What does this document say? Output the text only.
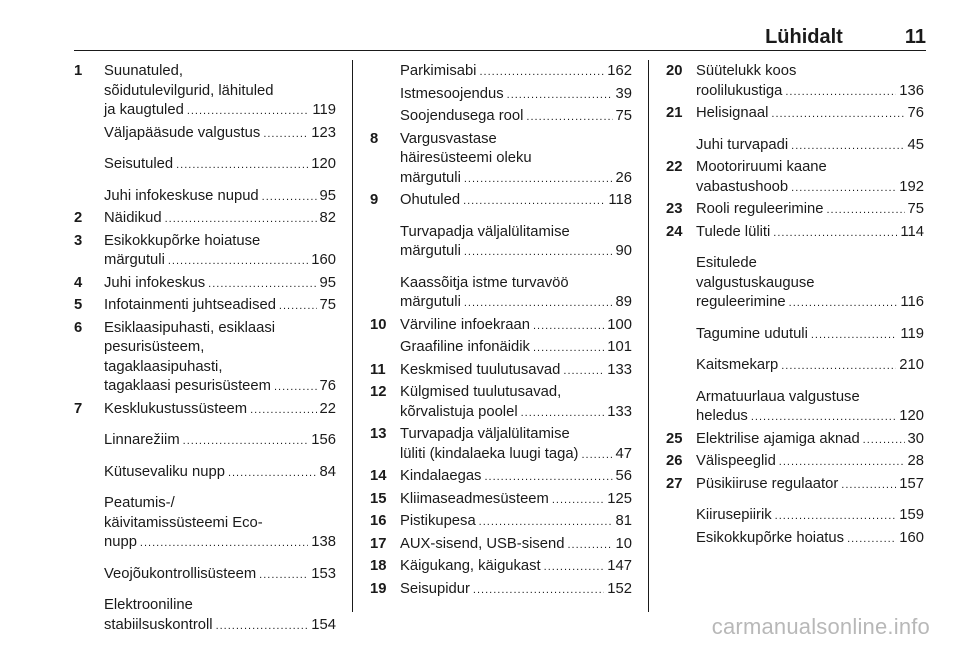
Lühidalt	11
1 Suunatuled,
sõidutulevilgurid, lähituled
ja kaugtuled .....	119
Väljapääsude valgustus .....	123
Seisutuled .....	120
Juhi infokeskuse nupud .....	95
2 Näidikud .....	82
3 Esikokkupõrke hoiatuse
märgutuli .....	160
4 Juhi infokeskus .....	95
5 Infotainmenti juhtseadised .....	75
6 Esiklaasipuhasti, esiklaasi
pesurisüsteem,
tagaklaasipuhasti,
tagaklaasi pesurisüsteem .....	76
7 Kesklukustussüsteem .....	22
Linnarežiim .....	156
Kütusevaliku nupp .....	84
Peatumis-/
käivitamissüsteemi Eco-
nupp .....	138
Veojõukontrollisüsteem .....	153
Elektrooniline
stabiilsuskontroll .....	154
Parkimisabi .....	162
Istmesoojendus .....	39
Soojendusega rool .....	75
8 Vargusvastase
häiresüsteemi oleku
märgutuli .....	26
9 Ohutuled .....	118
Turvapadja väljalülitamise
märgutuli .....	90
Kaassõitja istme turvavöö
märgutuli .....	89
10 Värviline infoekraan .....	100
Graafiline infonäidik .....	101
11 Keskmised tuulutusavad .....	133
12 Külgmised tuulutusavad,
kõrvalistuja poolel .....	133
13 Turvapadja väljalülitamise
lüliti (kindalaeka luugi taga) .....	47
14 Kindalaegas .....	56
15 Kliimaseadmesüsteem .....	125
16 Pistikupesa .....	81
17 AUX-sisend, USB-sisend .....	10
18 Käigukang, käigukast .....	147
19 Seisupidur .....	152
20 Süütelukk koos
roolilukustiga .....	136
21 Helisignaal .....	76
Juhi turvapadi .....	45
22 Mootoriruumi kaane
vabastushoob .....	192
23 Rooli reguleerimine .....	75
24 Tulede lüliti .....	114
Esitulede
valgustuskauguse
reguleerimine .....	116
Tagumine udutuli .....	119
Kaitsmekarp .....	210
Armatuurlaua valgustuse
heledus .....	120
25 Elektrilise ajamiga aknad .....	30
26 Välispeeglid .....	28
27 Püsikiiruse regulaator .....	157
Kiirusepiirik .....	159
Esikokkupõrke hoiatus .....	160
carmanualsonline.info
